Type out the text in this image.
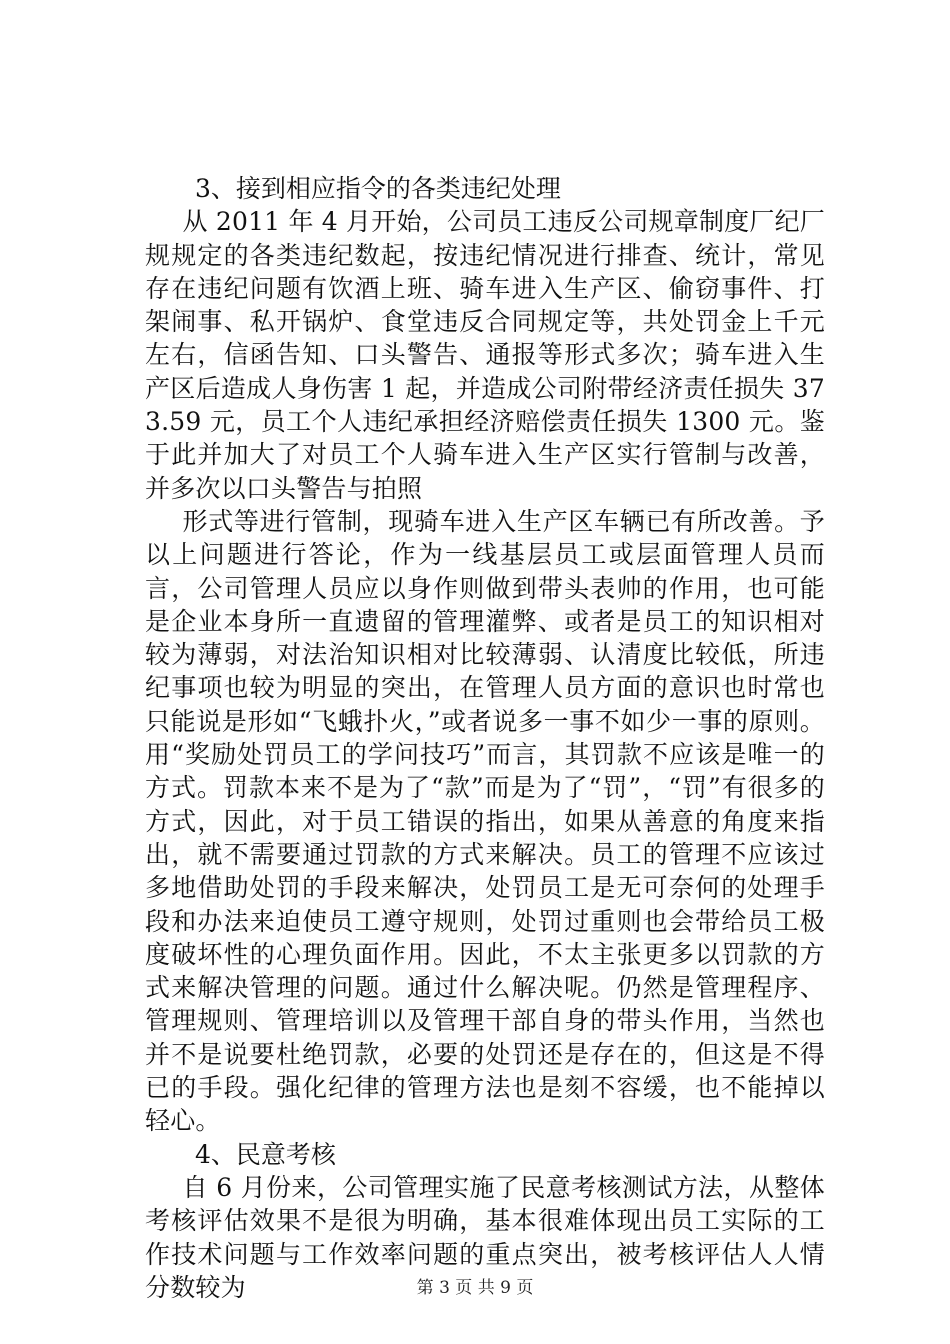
3、接到相应指令的各类违纪处理

从 2011 年 4 月开始，公司员工违反公司规章制度厂纪厂规规定的各类违纪数起，按违纪情况进行排查、统计，常见存在违纪问题有饮酒上班、骑车进入生产区、偷窃事件、打架闹事、私开锅炉、食堂违反合同规定等，共处罚金上千元左右，信函告知、口头警告、通报等形式多次；骑车进入生产区后造成人身伤害 1 起，并造成公司附带经济责任损失 373.59 元，员工个人违纪承担经济赔偿责任损失 1300 元。鉴于此并加大了对员工个人骑车进入生产区实行管制与改善，并多次以口头警告与拍照

形式等进行管制，现骑车进入生产区车辆已有所改善。予以上问题进行答论，作为一线基层员工或层面管理人员而言，公司管理人员应以身作则做到带头表帅的作用，也可能是企业本身所一直遗留的管理灌弊、或者是员工的知识相对较为薄弱，对法治知识相对比较薄弱、认清度比较低，所违纪事项也较为明显的突出，在管理人员方面的意识也时常也只能说是形如“飞蛾扑火，”或者说多一事不如少一事的原则。用“奖励处罚员工的学问技巧”而言，其罚款不应该是唯一的方式。罚款本来不是为了“款”而是为了“罚”，“罚”有很多的方式，因此，对于员工错误的指出，如果从善意的角度来指出，就不需要通过罚款的方式来解决。员工的管理不应该过多地借助处罚的手段来解决，处罚员工是无可奈何的处理手段和办法来迫使员工遵守规则，处罚过重则也会带给员工极度破坏性的心理负面作用。因此，不太主张更多以罚款的方式来解决管理的问题。通过什么解决呢。仍然是管理程序、管理规则、管理培训以及管理干部自身的带头作用，当然也并不是说要杜绝罚款，必要的处罚还是存在的，但这是不得已的手段。强化纪律的管理方法也是刻不容缓，也不能掉以轻心。

4、民意考核

自 6 月份来，公司管理实施了民意考核测试方法，从整体考核评估效果不是很为明确，基本很难体现出员工实际的工作技术问题与工作效率问题的重点突出，被考核评估人人情分数较为	第 3 页 共 9 页
